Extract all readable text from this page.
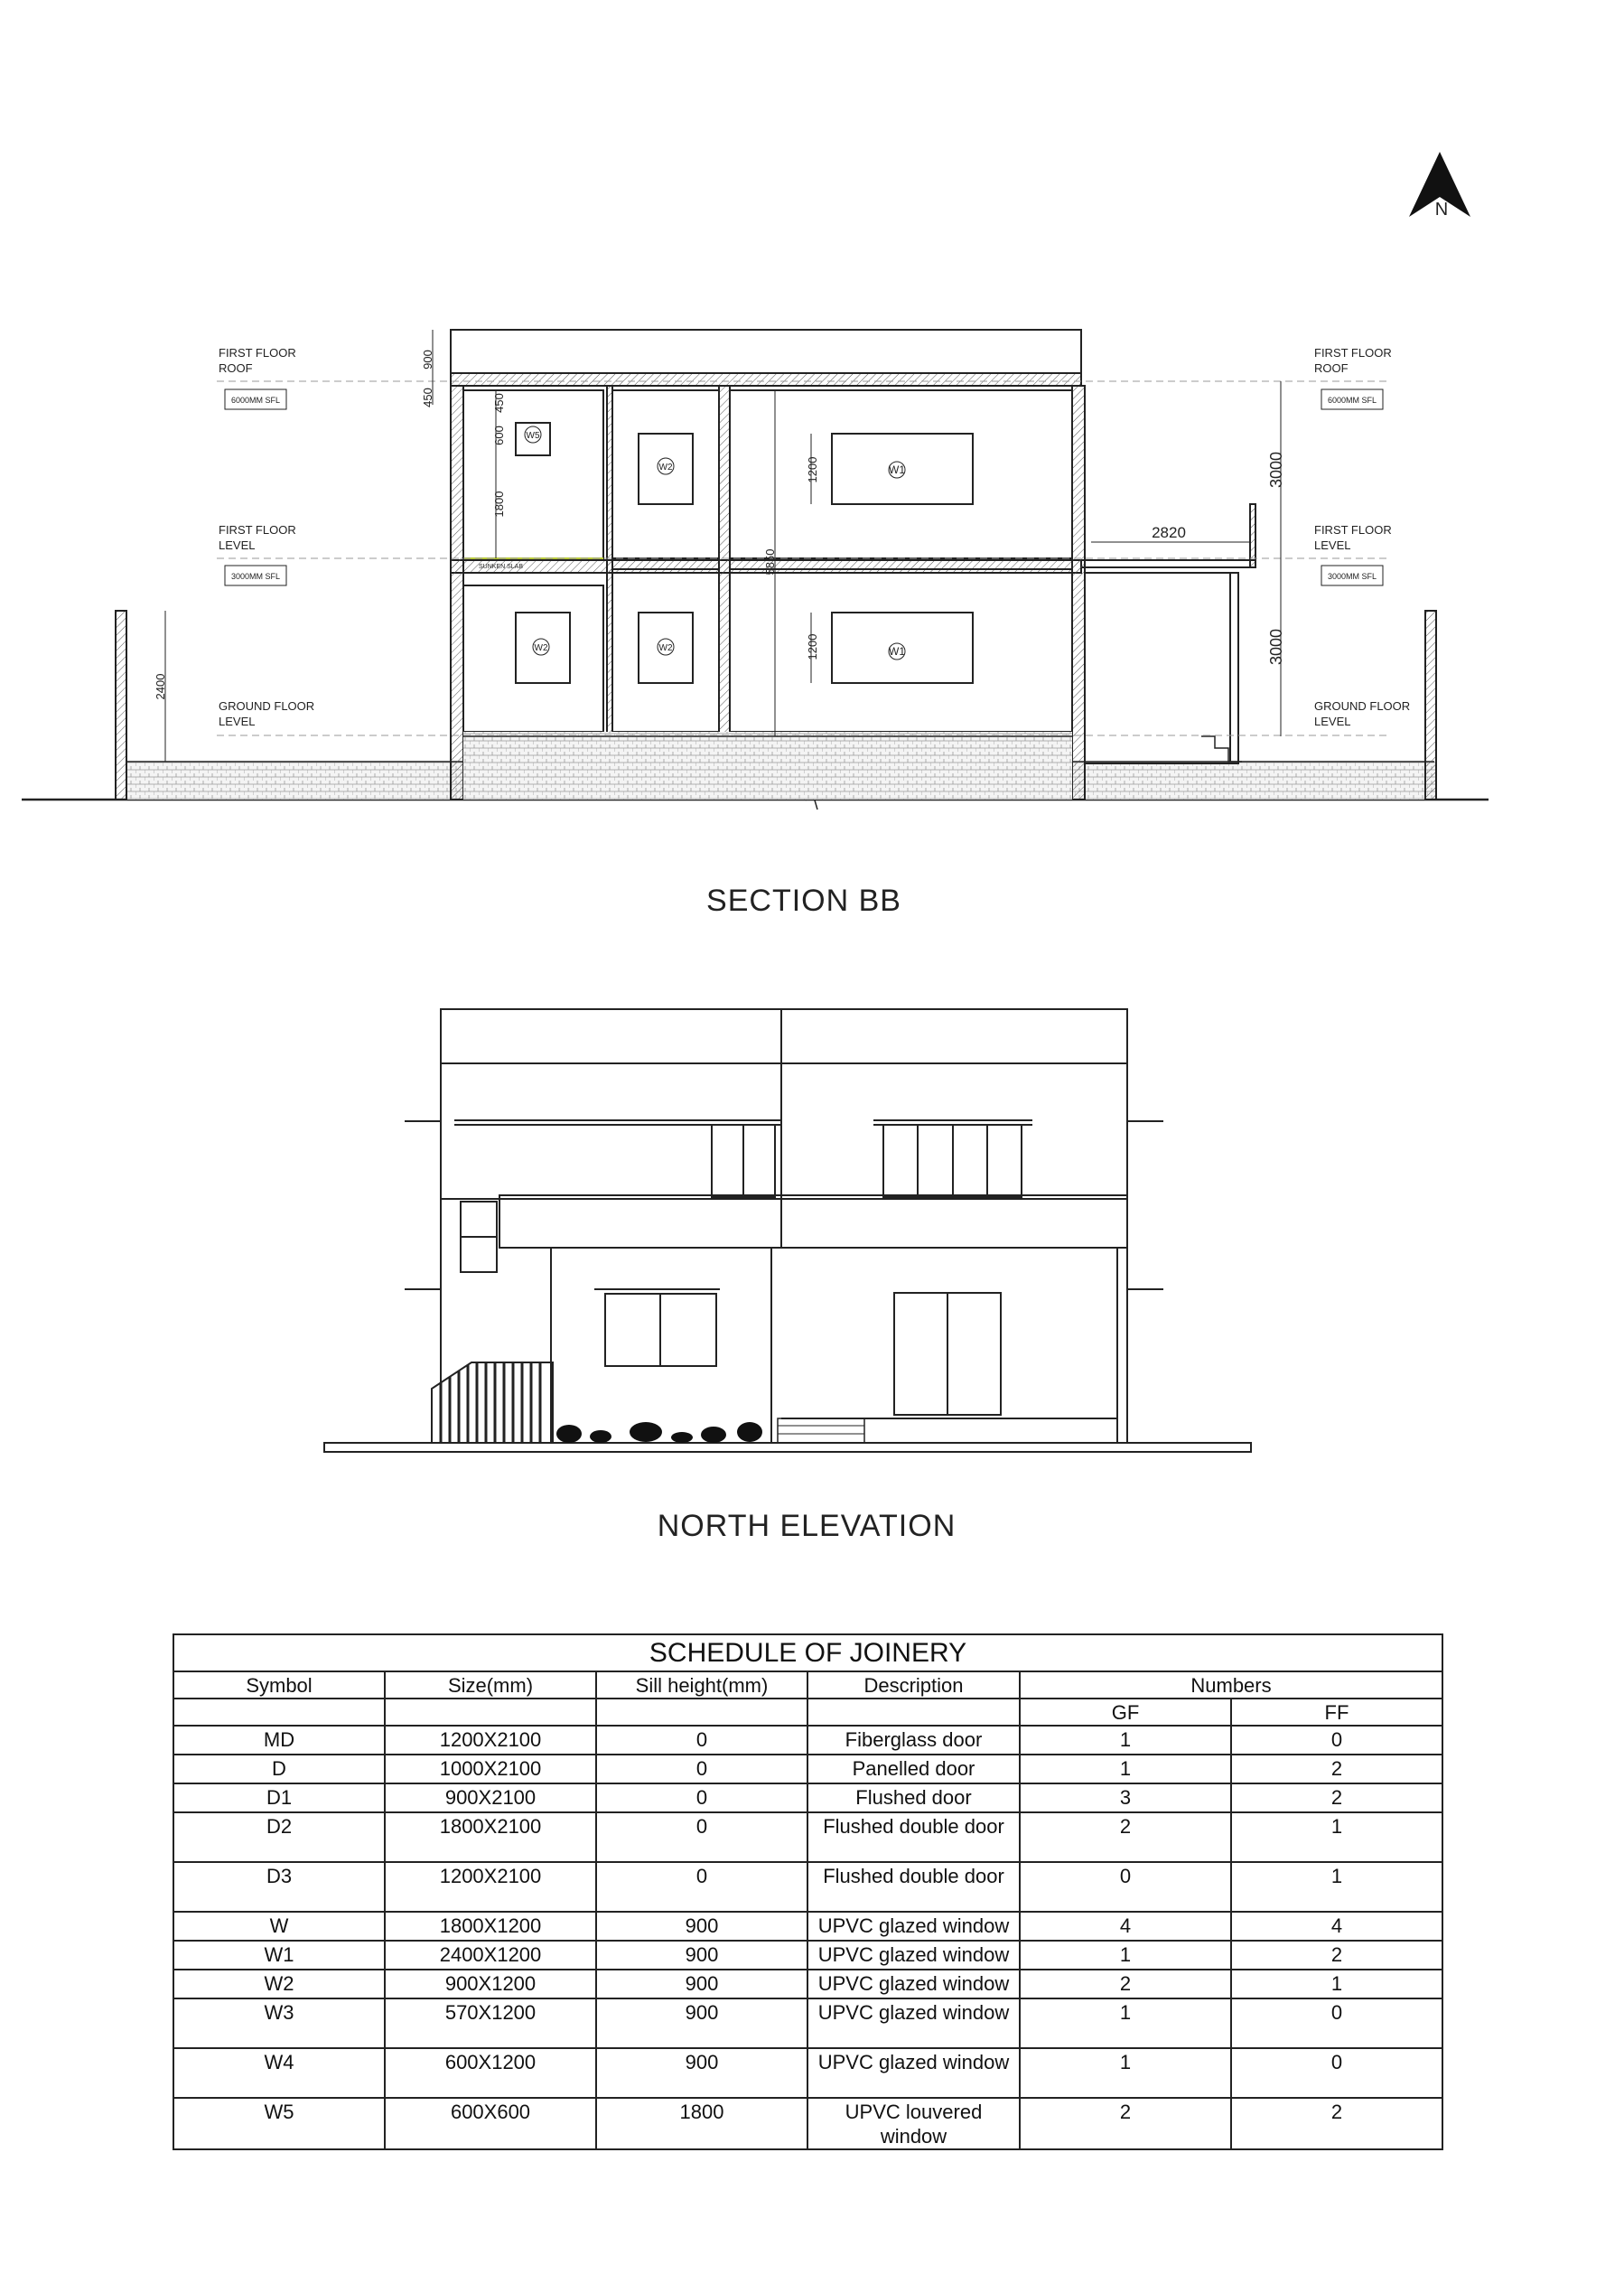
N
FIRST FLOOR
ROOF
6000MM SFL
FIRST FLOOR
LEVEL
3000MM SFL
GROUND FLOOR
LEVEL
FIRST FLOOR
ROOF
6000MM SFL
FIRST FLOOR
LEVEL
3000MM SFL
GROUND FLOOR
LEVEL
900
450	450
600
1800
1200
1200
5850
3000
3000
2820
2400
W5
W2	W1
W2	W2	W1
SUNKEN SLAB
SECTION BB
NORTH ELEVATION
SCHEDULE OF JOINERY					
Symbol	Size(mm)	Sill height(mm)	Description	Numbers	
				GF	FF
MD	1200X2100	0	Fiberglass door	1	0
D	1000X2100	0	Panelled door	1	2
D1	900X2100	0	Flushed door	3	2
D2	1800X2100	0	Flushed double door	2	1
D3	1200X2100	0	Flushed double door	0	1
W	1800X1200	900	UPVC glazed window	4	4
W1	2400X1200	900	UPVC glazed window	1	2
W2	900X1200	900	UPVC glazed window	2	1
W3	570X1200	900	UPVC glazed window	1	0
W4	600X1200	900	UPVC glazed window	1	0
W5	600X600	1800	UPVC louvered window	2	2
